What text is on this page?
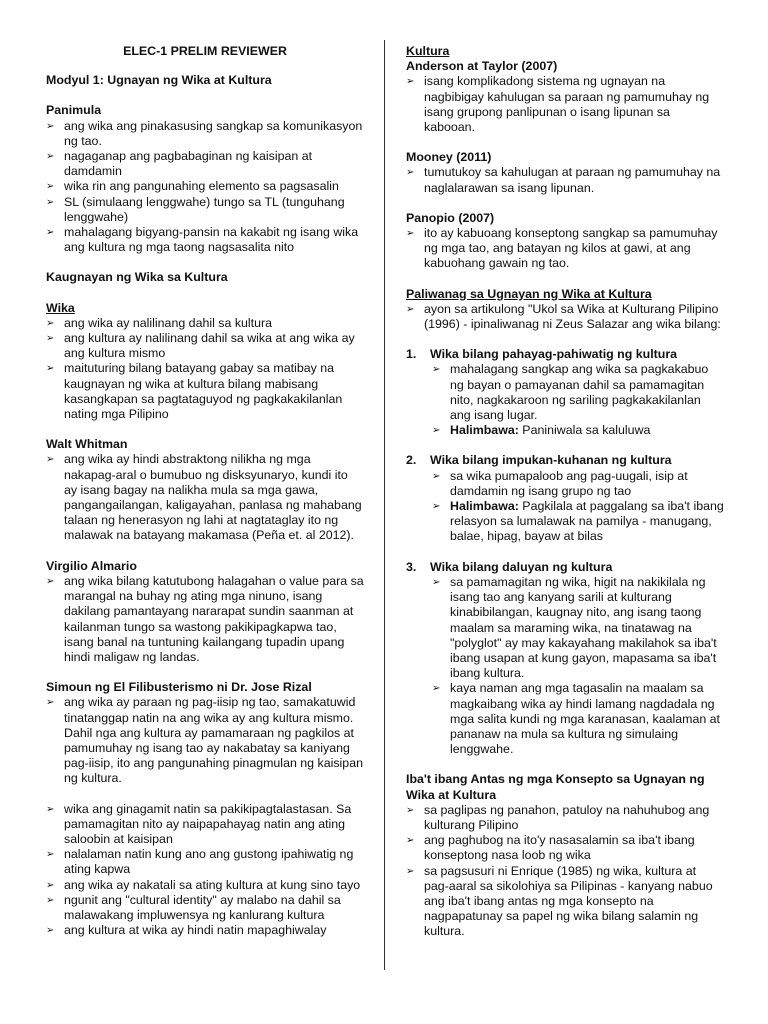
ELEC-1 PRELIM REVIEWER

Modyul 1: Ugnayan ng Wika at Kultura

Panimula

➢ ang wika ang pinakasusing sangkap sa komunikasyon ng tao.
➢ nagaganap ang pagbabaginan ng kaisipan at damdamin
➢ wika rin ang pangunahing elemento sa pagsasalin
➢ SL (simulaang lenggwahe) tungo sa TL (tunguhang lenggwahe)
➢ mahalagang bigyang-pansin na kakabit ng isang wika ang kultura ng mga taong nagsasalita nito

Kaugnayan ng Wika sa Kultura

Wika

➢ ang wika ay nalilinang dahil sa kultura
➢ ang kultura ay nalilinang dahil sa wika at ang wika ay ang kultura mismo
➢ maituturing bilang batayang gabay sa matibay na kaugnayan ng wika at kultura bilang mabisang kasangkapan sa pagtataguyod ng pagkakakilanlan nating mga Pilipino

Walt Whitman

➢ ang wika ay hindi abstraktong nilikha ng mga nakapag-aral o bumubuo ng disksyunaryo, kundi ito ay isang bagay na nalikha mula sa mga gawa, pangangailangan, kaligayahan, panlasa ng mahabang talaan ng henerasyon ng lahi at nagtataglay ito ng malawak na batayang makamasa (Peña et. al 2012).

Virgilio Almario

➢ ang wika bilang katutubong halagahan o value para sa marangal na buhay ng ating mga ninuno, isang dakilang pamantayang nararapat sundin saanman at kailanman tungo sa wastong pakikipagkapwa tao, isang banal na tuntuning kailangang tupadin upang hindi maligaw ng landas.

Simoun ng El Filibusterismo ni Dr. Jose Rizal

➢ ang wika ay paraan ng pag-iisip ng tao, samakatuwid tinatanggap natin na ang wika ay ang kultura mismo. Dahil nga ang kultura ay pamamaraan ng pagkilos at pamumuhay ng isang tao ay nakabatay sa kaniyang pag-iisip, ito ang pangunahing pinagmulan ng kaisipan ng kultura.
➢ wika ang ginagamit natin sa pakikipagtalastasan. Sa pamamagitan nito ay naipapahayag natin ang ating saloobin at kaisipan
➢ nalalaman natin kung ano ang gustong ipahiwatig ng ating kapwa
➢ ang wika ay nakatali sa ating kultura at kung sino tayo
➢ ngunit ang "cultural identity" ay malabo na dahil sa malawakang impluwensya ng kanlurang kultura
➢ ang kultura at wika ay hindi natin mapaghiwalay

Kultura

Anderson at Taylor (2007)

➢ isang komplikadong sistema ng ugnayan na nagbibigay kahulugan sa paraan ng pamumuhay ng isang grupong panlipunan o isang lipunan sa kabooan.

Mooney (2011)

➢ tumutukoy sa kahulugan at paraan ng pamumuhay na naglalarawan sa isang lipunan.

Panopio (2007)

➢ ito ay kabuoang konseptong sangkap sa pamumuhay ng mga tao, ang batayan ng kilos at gawi, at ang kabuohang gawain ng tao.

Paliwanag sa Ugnayan ng Wika at Kultura

➢ ayon sa artikulong "Ukol sa Wika at Kulturang Pilipino (1996) - ipinaliwanag ni Zeus Salazar ang wika bilang:
1. Wika bilang pahayag-pahiwatig ng kultura
➢ mahalagang sangkap ang wika sa pagkakabuo ng bayan o pamayanan dahil sa pamamagitan nito, nagkakaroon ng sariling pagkakakilanlan ang isang lugar.
➢ Halimbawa: Paniniwala sa kaluluwa
2. Wika bilang impukan-kuhanan ng kultura
➢ sa wika pumapaloob ang pag-uugali, isip at damdamin ng isang grupo ng tao
➢ Halimbawa: Pagkilala at paggalang sa iba't ibang relasyon sa lumalawak na pamilya - manugang, balae, hipag, bayaw at bilas
3. Wika bilang daluyan ng kultura
➢ sa pamamagitan ng wika, higit na nakikilala ng isang tao ang kanyang sarili at kulturang kinabibilangan, kaugnay nito, ang isang taong maalam sa maraming wika, na tinatawag na "polyglot" ay may kakayahang makilahok sa iba't ibang usapan at kung gayon, mapasama sa iba't ibang kultura.
➢ kaya naman ang mga tagasalin na maalam sa magkaibang wika ay hindi lamang nagdadala ng mga salita kundi ng mga karanasan, kaalaman at pananaw na mula sa kultura ng simulaing lenggwahe.

Iba't ibang Antas ng mga Konsepto sa Ugnayan ng Wika at Kultura

➢ sa paglipas ng panahon, patuloy na nahuhubog ang kulturang Pilipino
➢ ang paghubog na ito'y nasasalamin sa iba't ibang konseptong nasa loob ng wika
➢ sa pagsusuri ni Enrique (1985) ng wika, kultura at pag-aaral sa sikolohiya sa Pilipinas - kanyang nabuo ang iba't ibang antas ng mga konsepto na nagpapatunay sa papel ng wika bilang salamin ng kultura.
